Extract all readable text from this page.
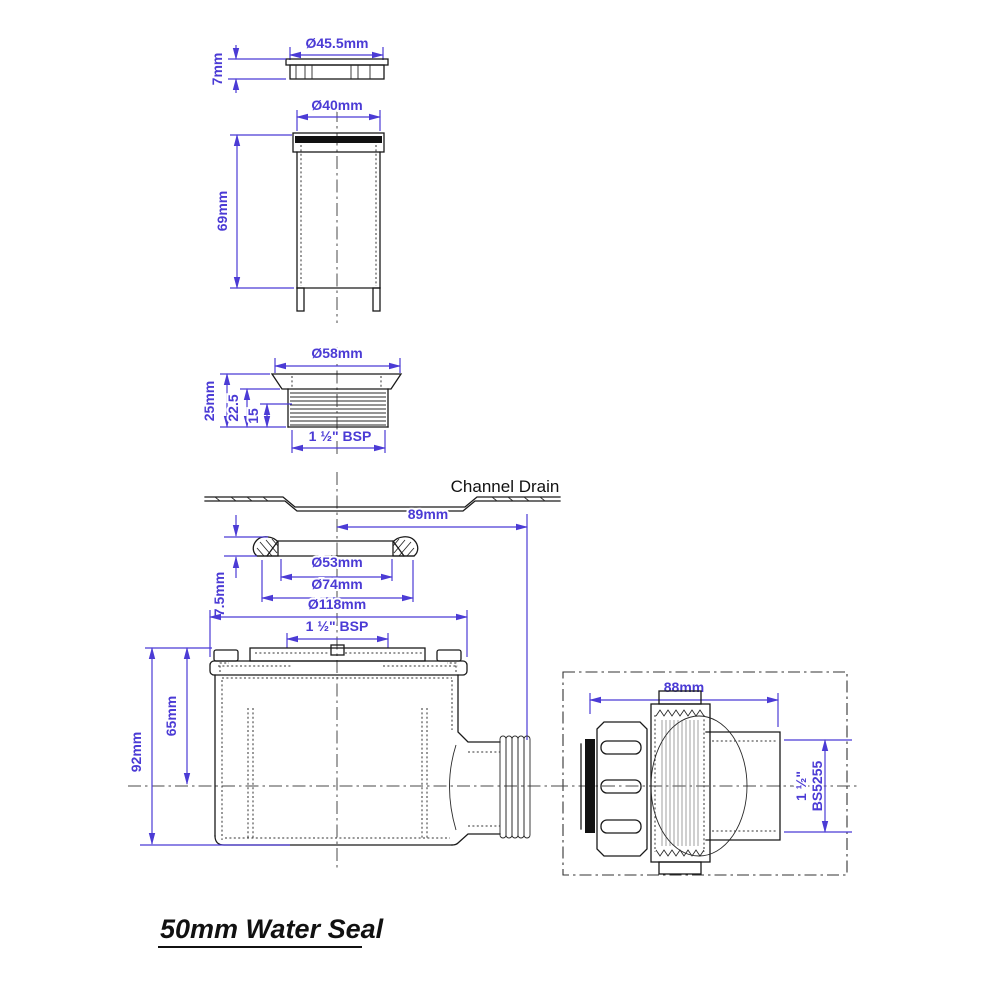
Ø45.5mm
7mm
Ø40mm
69mm
Ø58mm
25mm 22.5 15
1 ½" BSP
Channel Drain
89mm
7.5mm
Ø53mm
Ø74mm
Ø118mm
1 ½" BSP
92mm
65mm
88mm
1 ½" BS5255
50mm Water Seal
